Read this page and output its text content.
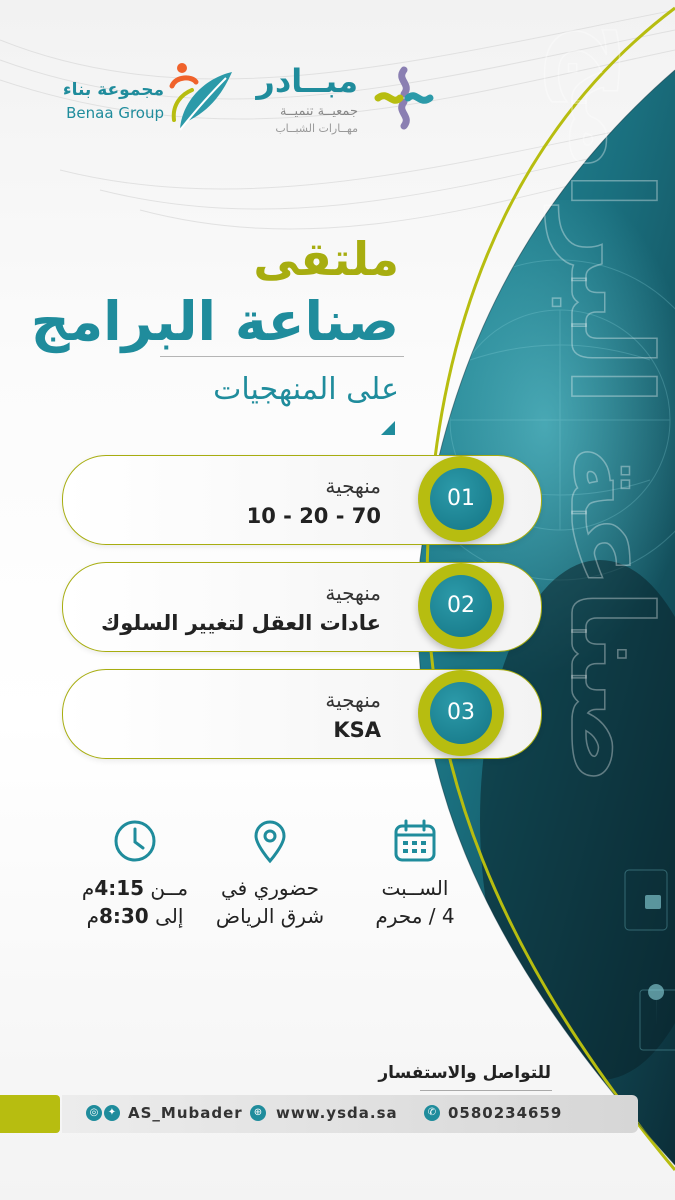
صناعة البرامج
مبــادر
جمعيــة تنميــة
مهــارات الشبــاب
مجموعة بناء
Benaa Group
ملتقى
صناعة البرامج
على المنهجيات
منهجية
70 - 20 - 10
01
منهجية
عادات العقل لتغيير السلوك
02
منهجية
KSA
03
الســبت
4 / محرم
حضوري في
شرق الرياض
مــن 4:15م
إلى 8:30م
للتواصل والاستفسار
◎ ✦ AS_Mubader	⊕ www.ysda.sa	✆ 0580234659
